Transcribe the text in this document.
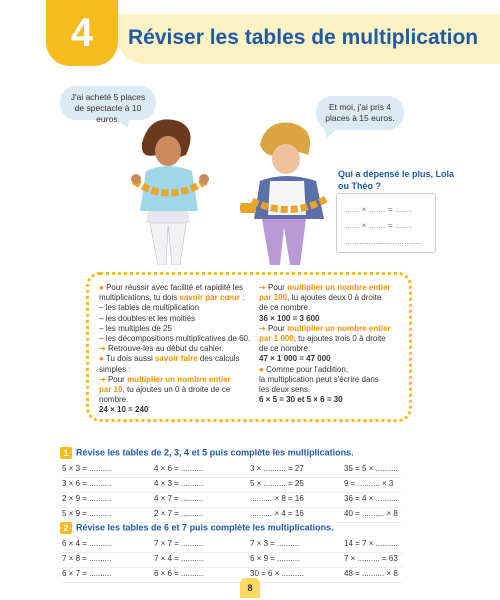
4 Réviser les tables de multiplication
J'ai acheté 5 places de spectacle à 10 euros.
Et moi, j'ai pris 4 places à 15 euros.
Qui a dépensé le plus, Lola ou Théo ?
...... × ....... = .......
...... × ....... = .......
................................
● Pour réussir avec facilité et rapidité les
multiplications, tu dois savoir par cœur :
– les tables de multiplication
– les doubles et les moitiés
– les multiples de 25
– les décompositions multiplicatives de 60.
➔ Retrouve-les au début du cahier.
● Tu dois aussi savoir faire des calculs
simples :
➔ Pour multiplier un nombre entier
par 10, tu ajoutes un 0 à droite de ce
nombre.
24 × 10 = 240
➔ Pour multiplier un nombre entier
par 100, tu ajoutes deux 0 à droite
de ce nombre.
36 × 100 = 3 600
➔ Pour multiplier un nombre entier
par 1 000, tu ajoutes trois 0 à droite
de ce nombre.
47 × 1 000 = 47 000
● Comme pour l'addition,
la multiplication peut s'écrire dans
les deux sens.
6 × 5 = 30 et 5 × 6 = 30
1 Révise les tables de 2, 3, 4 et 5 puis complète les multiplications.
5 × 3 = ..........	4 × 6 = ..........	3 × .......... = 27	35 = 5 × ..........
3 × 6 = ..........	4 × 3 = ..........	5 × .......... = 25	9 = .......... × 3
2 × 9 = ..........	4 × 7 = ..........	.......... × 8 = 16	36 = 4 × ..........
5 × 9 = ..........	2 × 7 = ..........	.......... × 4 = 16	40 = .......... × 8
2 Révise les tables de 6 et 7 puis complète les multiplications.
6 × 4 = ..........	7 × 7 = ..........	7 × 3 = ..........	14 = 7 × ..........
7 × 8 = ..........	7 × 4 = ..........	6 × 9 = ..........	7 × .......... = 63
6 × 7 = ..........	6 × 6 = ..........	30 = 6 × ..........	48 = .......... × 8
8
